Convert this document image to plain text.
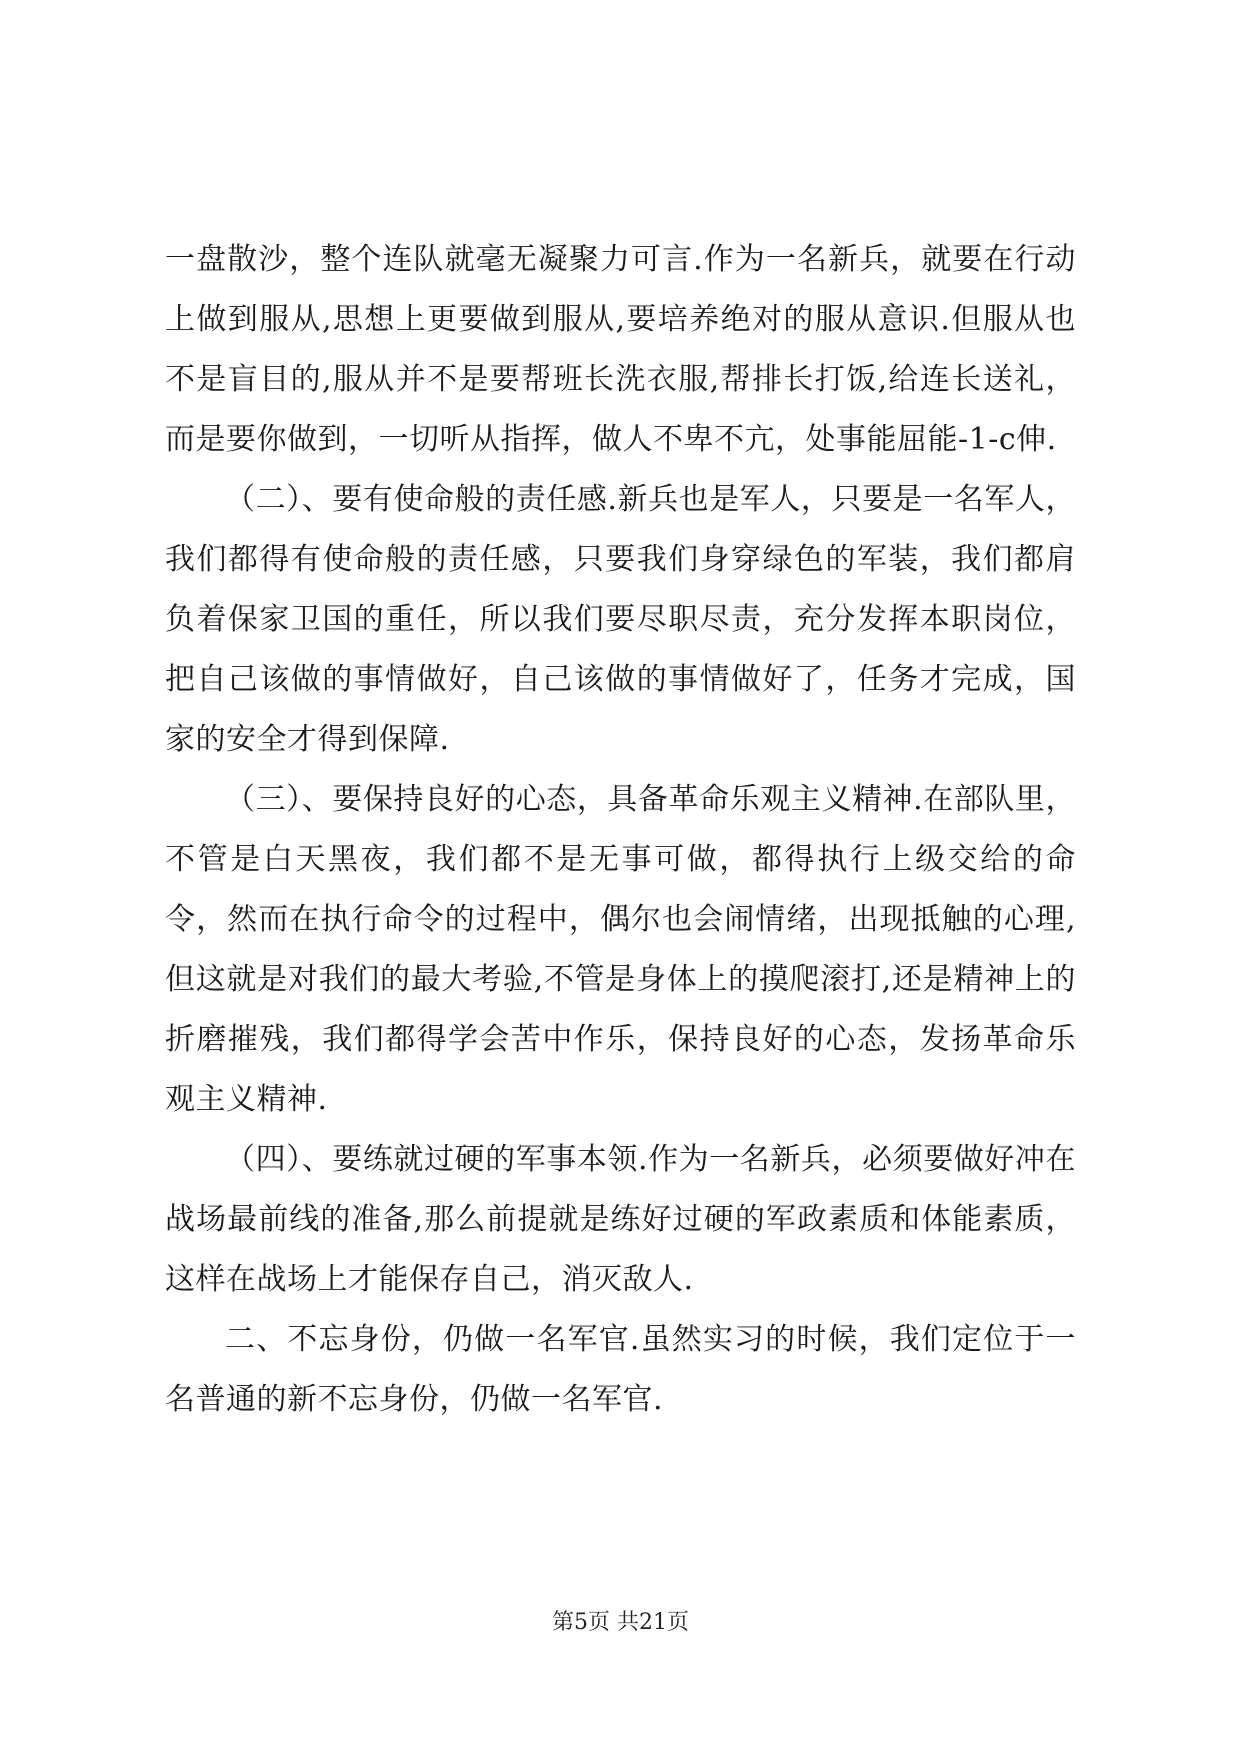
一盘散沙，整个连队就毫无凝聚力可言.作为一名新兵，就要在行动上做到服从,思想上更要做到服从,要培养绝对的服从意识.但服从也不是盲目的,服从并不是要帮班长洗衣服,帮排长打饭,给连长送礼，而是要你做到，一切听从指挥，做人不卑不亢，处事能屈能-1-c伸.

（二）、要有使命般的责任感.新兵也是军人，只要是一名军人，我们都得有使命般的责任感，只要我们身穿绿色的军装，我们都肩负着保家卫国的重任，所以我们要尽职尽责，充分发挥本职岗位，把自己该做的事情做好，自己该做的事情做好了，任务才完成，国家的安全才得到保障.

（三）、要保持良好的心态，具备革命乐观主义精神.在部队里，不管是白天黑夜，我们都不是无事可做，都得执行上级交给的命令，然而在执行命令的过程中，偶尔也会闹情绪，出现抵触的心理,但这就是对我们的最大考验,不管是身体上的摸爬滚打,还是精神上的折磨摧残，我们都得学会苦中作乐，保持良好的心态，发扬革命乐观主义精神.

（四）、要练就过硬的军事本领.作为一名新兵，必须要做好冲在战场最前线的准备,那么前提就是练好过硬的军政素质和体能素质，这样在战场上才能保存自己，消灭敌人.

二、不忘身份，仍做一名军官.虽然实习的时候，我们定位于一名普通的新不忘身份，仍做一名军官.

第5页 共21页
